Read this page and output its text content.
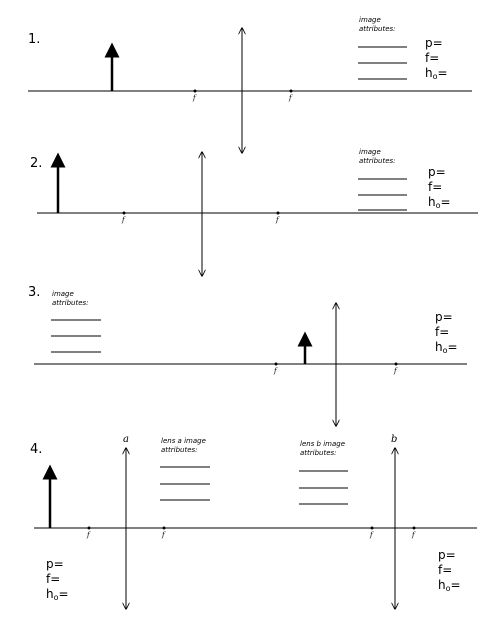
1.
image
attributes:
p=
f=
$h_o=$
f	f
2.
image
attributes:
p=
f=
$h_o=$
f	f
3. image
attributes:
p=
f=
$h_o=$
f	f
4.
a	b
lens a image
attributes:
lens b image
attributes:
f	f	f	f
p=
f=
$h_o=$
p=
f=
$h_o=$
